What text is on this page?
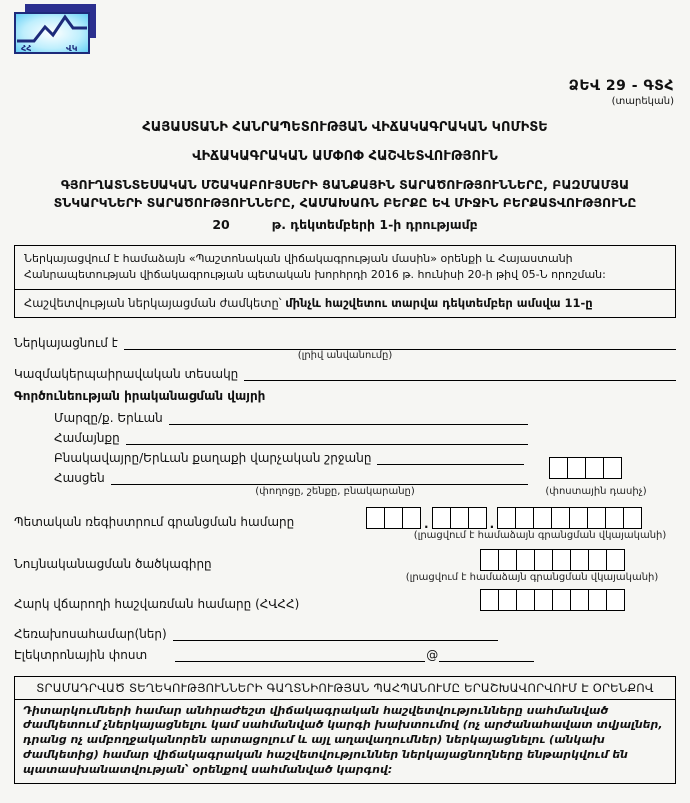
ՀՀ	ՎԿ
ՁԵՎ 29 - ԳՏՀ
(տարեկան)
ՀԱՅԱՍՏԱՆԻ ՀԱՆՐԱՊԵՏՈՒԹՅԱՆ ՎԻՃԱԿԱԳՐԱԿԱՆ ԿՈՄԻՏԵ
ՎԻՃԱԿԱԳՐԱԿԱՆ ԱՄՓՈՓ ՀԱՇՎԵՏՎՈՒԹՅՈՒՆ
ԳՅՈՒՂԱՏՆՏԵՍԱԿԱՆ ՄՇԱԿԱԲՈՒՅՍԵՐԻ ՑԱՆՔԱՅԻՆ ՏԱՐԱԾՈՒԹՅՈՒՆՆԵՐԸ, ԲԱԶՄԱՄՅԱ ՏՆԿԱՐԿՆԵՐԻ ՏԱՐԱԾՈՒԹՅՈՒՆՆԵՐԸ, ՀԱՄԱԽԱՌՆ ԲԵՐՔԸ ԵՎ ՄԻՋԻՆ ԲԵՐՔԱՏՎՈՒԹՅՈՒՆԸ
20	թ. դեկտեմբերի 1-ի դրությամբ
Ներկայացվում է համաձայն «Պաշտոնական վիճակագրության մասին» օրենքի և Հայաստանի Հանրապետության վիճակագրության պետական խորհրդի 2016 թ. հունիսի 20-ի թիվ 05-Ն որոշման:
Հաշվետվության ներկայացման ժամկետը՝ մինչև հաշվետու տարվա դեկտեմբեր ամսվա 11-ը
Ներկայացնում է
(լրիվ անվանումը)
Կազմակերպաիրավական տեսակը
Գործունեության իրականացման վայրի
Մարզը/ք. Երևան
Համայնքը
Բնակավայրը/Երևան քաղաքի վարչական շրջանը
Հասցեն
(փողոցը, շենքը, բնակարանը)	(փոստային դասիչ)
Պետական ռեգիստրում գրանցման համարը	.	.
(լրացվում է համաձայն գրանցման վկայականի)
Նույնականացման ծածկագիրը
(լրացվում է համաձայն գրանցման վկայականի)
Հարկ վճարողի հաշվառման համարը (ՀՎՀՀ)
Հեռախոսահամար(ներ)
Էլեկտրոնային փոստ	@
ՏՐԱՄԱԴՐՎԱԾ ՏԵՂԵԿՈՒԹՅՈՒՆՆԵՐԻ ԳԱՂՏՆԻՈՒԹՅԱՆ ՊԱՀՊԱՆՈՒՄԸ ԵՐԱՇԽԱՎՈՐՎՈՒՄ Է ՕՐԵՆՔՈՎ
Դիտարկումների համար անհրաժեշտ վիճակագրական հաշվետվությունները սահմանված ժամկետում չներկայացնելու կամ սահմանված կարգի խախտումով (ոչ արժանահավատ տվյալներ, դրանց ոչ ամբողջականորեն արտացոլում և այլ աղավաղումներ) ներկայացնելու (անկախ ժամկետից) համար վիճակագրական հաշվետվություններ ներկայացնողները ենթարկվում են պատասխանատվության՝ օրենքով սահմանված կարգով:
